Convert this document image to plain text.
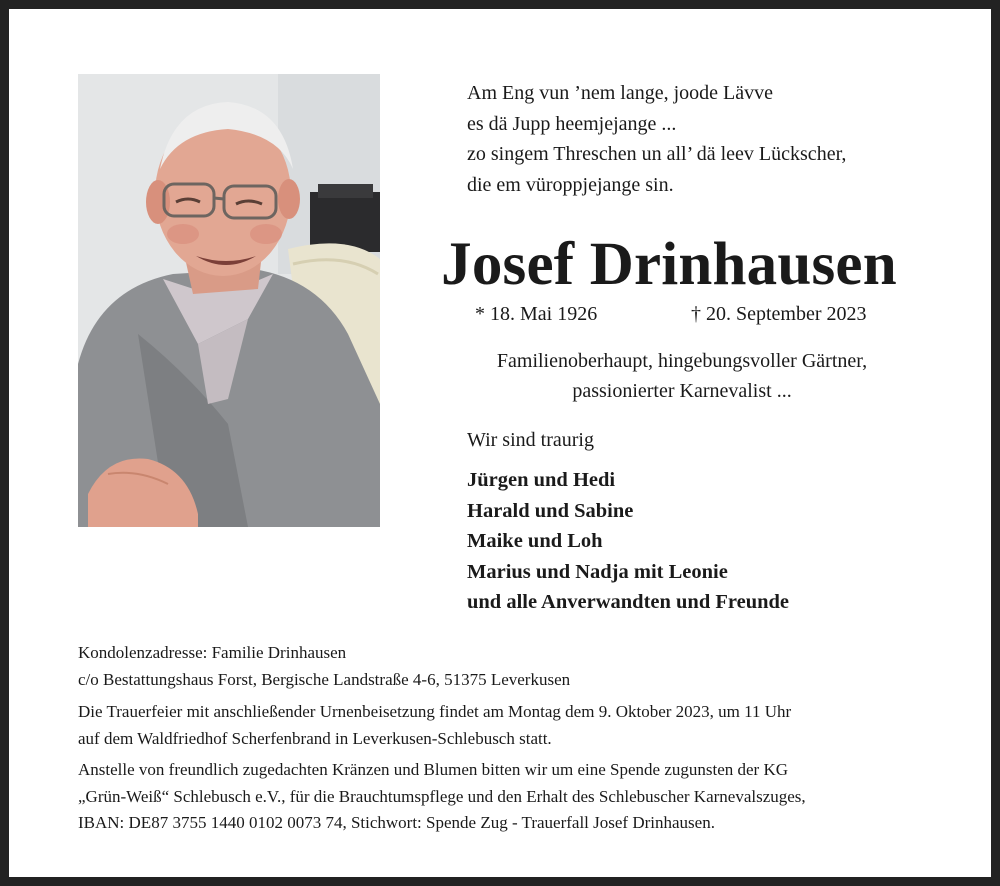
Am Eng vun ’nem lange, joode Lävve
es dä Jupp heemjejange ...
zo singem Threschen un all’ dä leev Lückscher,
die em vüroppjejange sin.
Josef Drinhausen
* 18. Mai 1926	† 20. September 2023
Familienoberhaupt, hingebungsvoller Gärtner,
passionierter Karnevalist ...
Wir sind traurig
Jürgen und Hedi
Harald und Sabine
Maike und Loh
Marius und Nadja mit Leonie
und alle Anverwandten und Freunde
Kondolenzadresse: Familie Drinhausen
c/o Bestattungshaus Forst, Bergische Landstraße 4-6, 51375 Leverkusen
Die Trauerfeier mit anschließender Urnenbeisetzung findet am Montag dem 9. Oktober 2023, um 11 Uhr
auf dem Waldfriedhof Scherfenbrand in Leverkusen-Schlebusch statt.
Anstelle von freundlich zugedachten Kränzen und Blumen bitten wir um eine Spende zugunsten der KG
„Grün-Weiß“ Schlebusch e.V., für die Brauchtumspflege und den Erhalt des Schlebuscher Karnevalszuges,
IBAN: DE87 3755 1440 0102 0073 74, Stichwort: Spende Zug - Trauerfall Josef Drinhausen.
